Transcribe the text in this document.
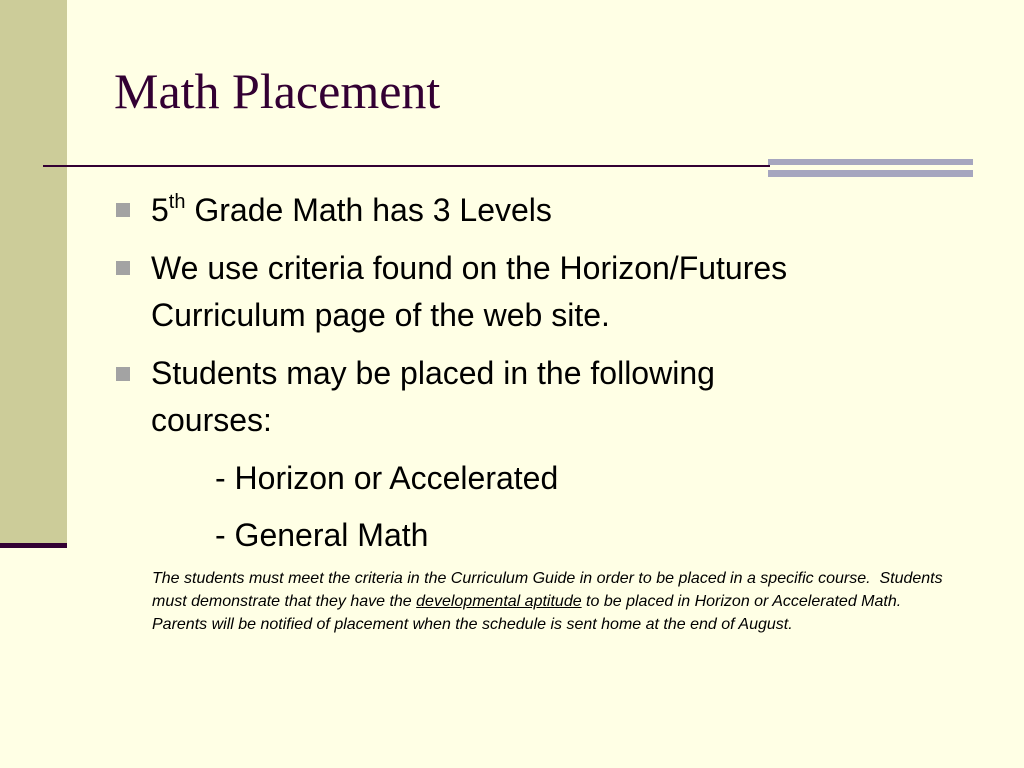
Math Placement
5th Grade Math has 3 Levels
We use criteria found on the Horizon/Futures
Curriculum page of the web site.
Students may be placed in the following
courses:
- Horizon or Accelerated
- General Math
The students must meet the criteria in the Curriculum Guide in order to be placed in a specific course.  Students must demonstrate that they have the developmental aptitude to be placed in Horizon or Accelerated Math.  Parents will be notified of placement when the schedule is sent home at the end of August.
